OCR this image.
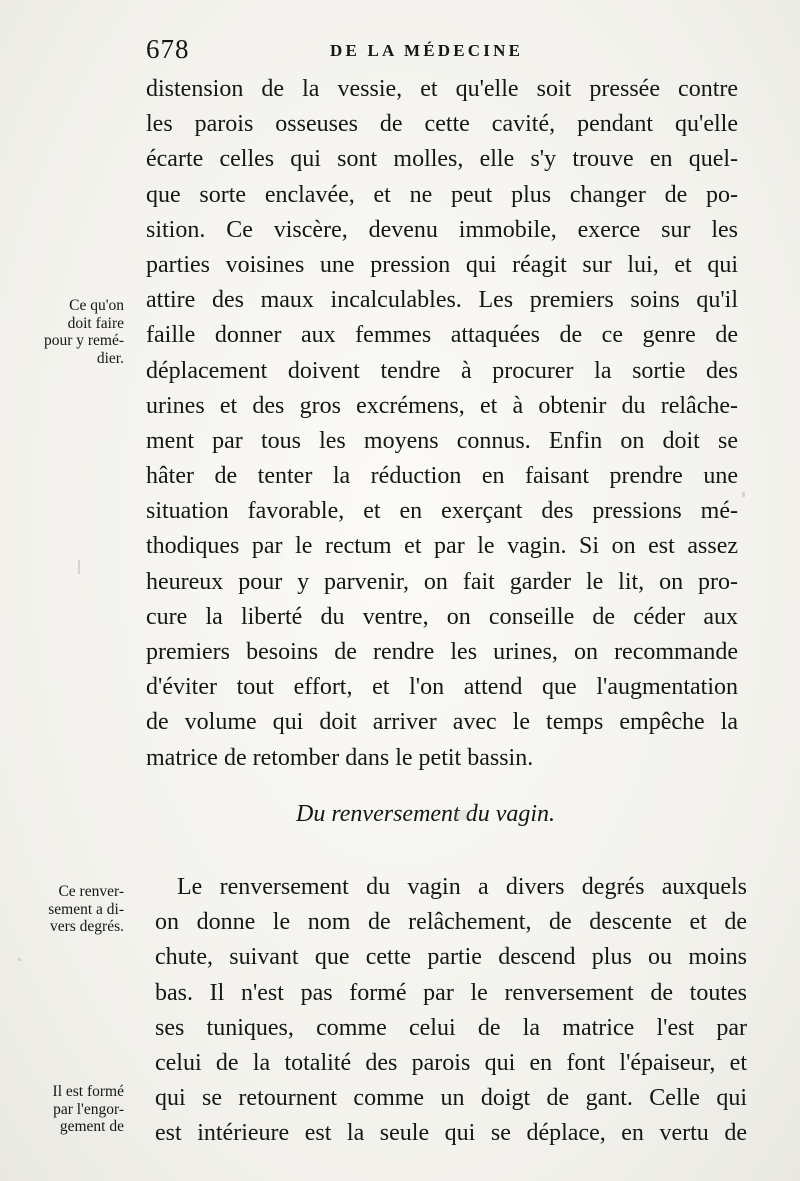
678	DE LA MÉDECINE
distension de la vessie, et qu'elle soit pressée contre
les parois osseuses de cette cavité, pendant qu'elle
écarte celles qui sont molles, elle s'y trouve en quel-
que sorte enclavée, et ne peut plus changer de po-
sition. Ce viscère, devenu immobile, exerce sur les
parties voisines une pression qui réagit sur lui, et qui
attire des maux incalculables. Les premiers soins qu'il
faille donner aux femmes attaquées de ce genre de
déplacement doivent tendre à procurer la sortie des
urines et des gros excrémens, et à obtenir du relâche-
ment par tous les moyens connus. Enfin on doit se
hâter de tenter la réduction en faisant prendre une
situation favorable, et en exerçant des pressions mé-
thodiques par le rectum et par le vagin. Si on est assez
heureux pour y parvenir, on fait garder le lit, on pro-
cure la liberté du ventre, on conseille de céder aux
premiers besoins de rendre les urines, on recommande
d'éviter tout effort, et l'on attend que l'augmentation
de volume qui doit arriver avec le temps empêche la
matrice de retomber dans le petit bassin.
Du renversement du vagin.
Le renversement du vagin a divers degrés auxquels
on donne le nom de relâchement, de descente et de
chute, suivant que cette partie descend plus ou moins
bas. Il n'est pas formé par le renversement de toutes
ses tuniques, comme celui de la matrice l'est par
celui de la totalité des parois qui en font l'épaiseur, et
qui se retournent comme un doigt de gant. Celle qui
est intérieure est la seule qui se déplace, en vertu de
Ce qu'on
doit faire
pour y remé-
dier.
Ce renver-
sement a di-
vers degrés.
Il est formé
par l'engor-
gement de
